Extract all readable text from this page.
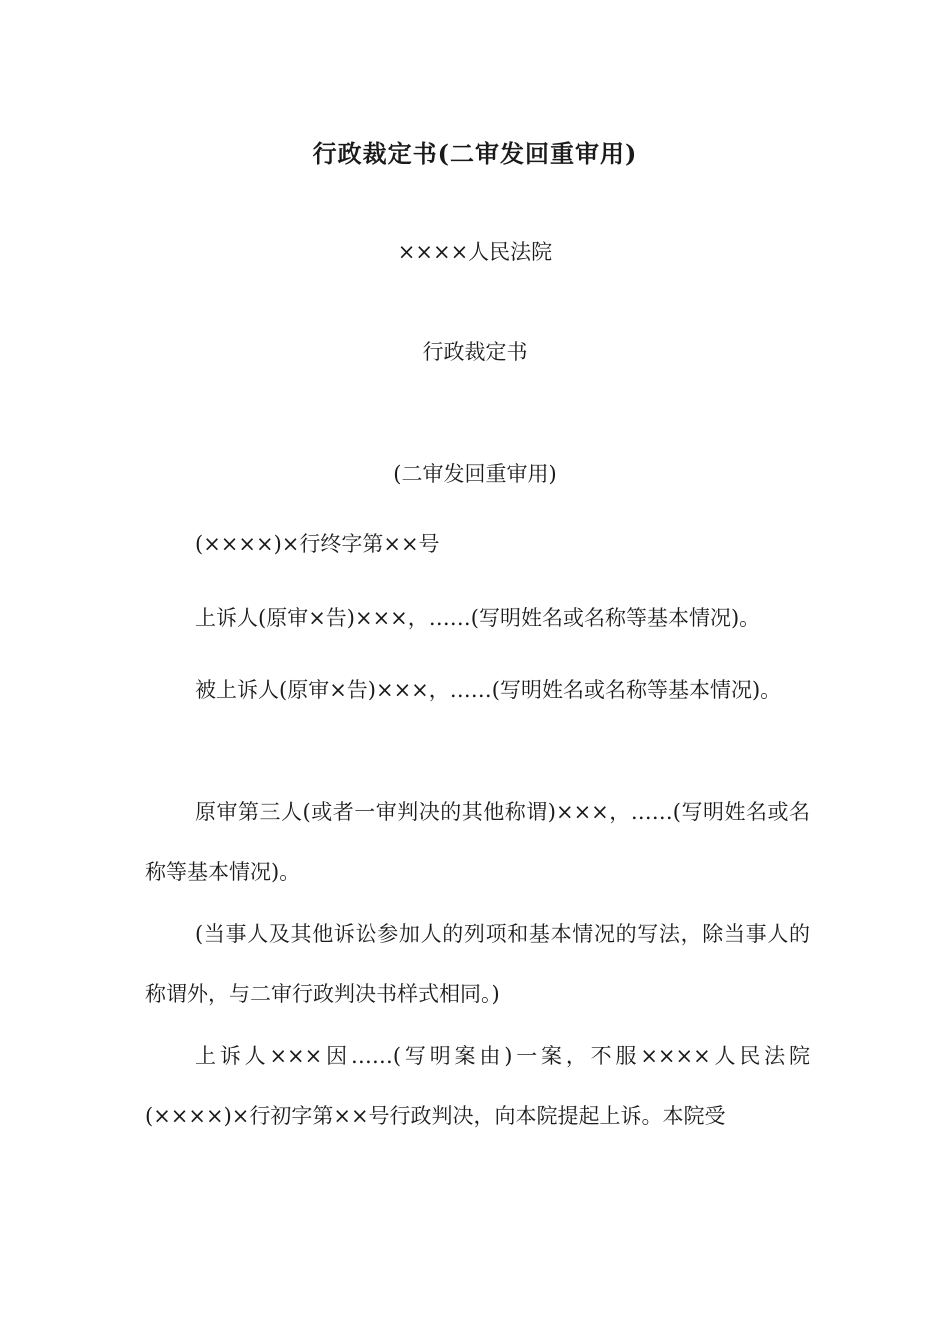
行政裁定书(二审发回重审用)

××××人民法院

行政裁定书

(二审发回重审用)

(××××)×行终字第××号

上诉人(原审×告)×××，……(写明姓名或名称等基本情况)。

被上诉人(原审×告)×××，……(写明姓名或名称等基本情况)。

原审第三人(或者一审判决的其他称谓)×××，……(写明姓名或名称等基本情况)。

(当事人及其他诉讼参加人的列项和基本情况的写法，除当事人的称谓外，与二审行政判决书样式相同。)

上诉人×××因……(写明案由)一案，不服××××人民法院(××××)×行初字第××号行政判决，向本院提起上诉。本院受
